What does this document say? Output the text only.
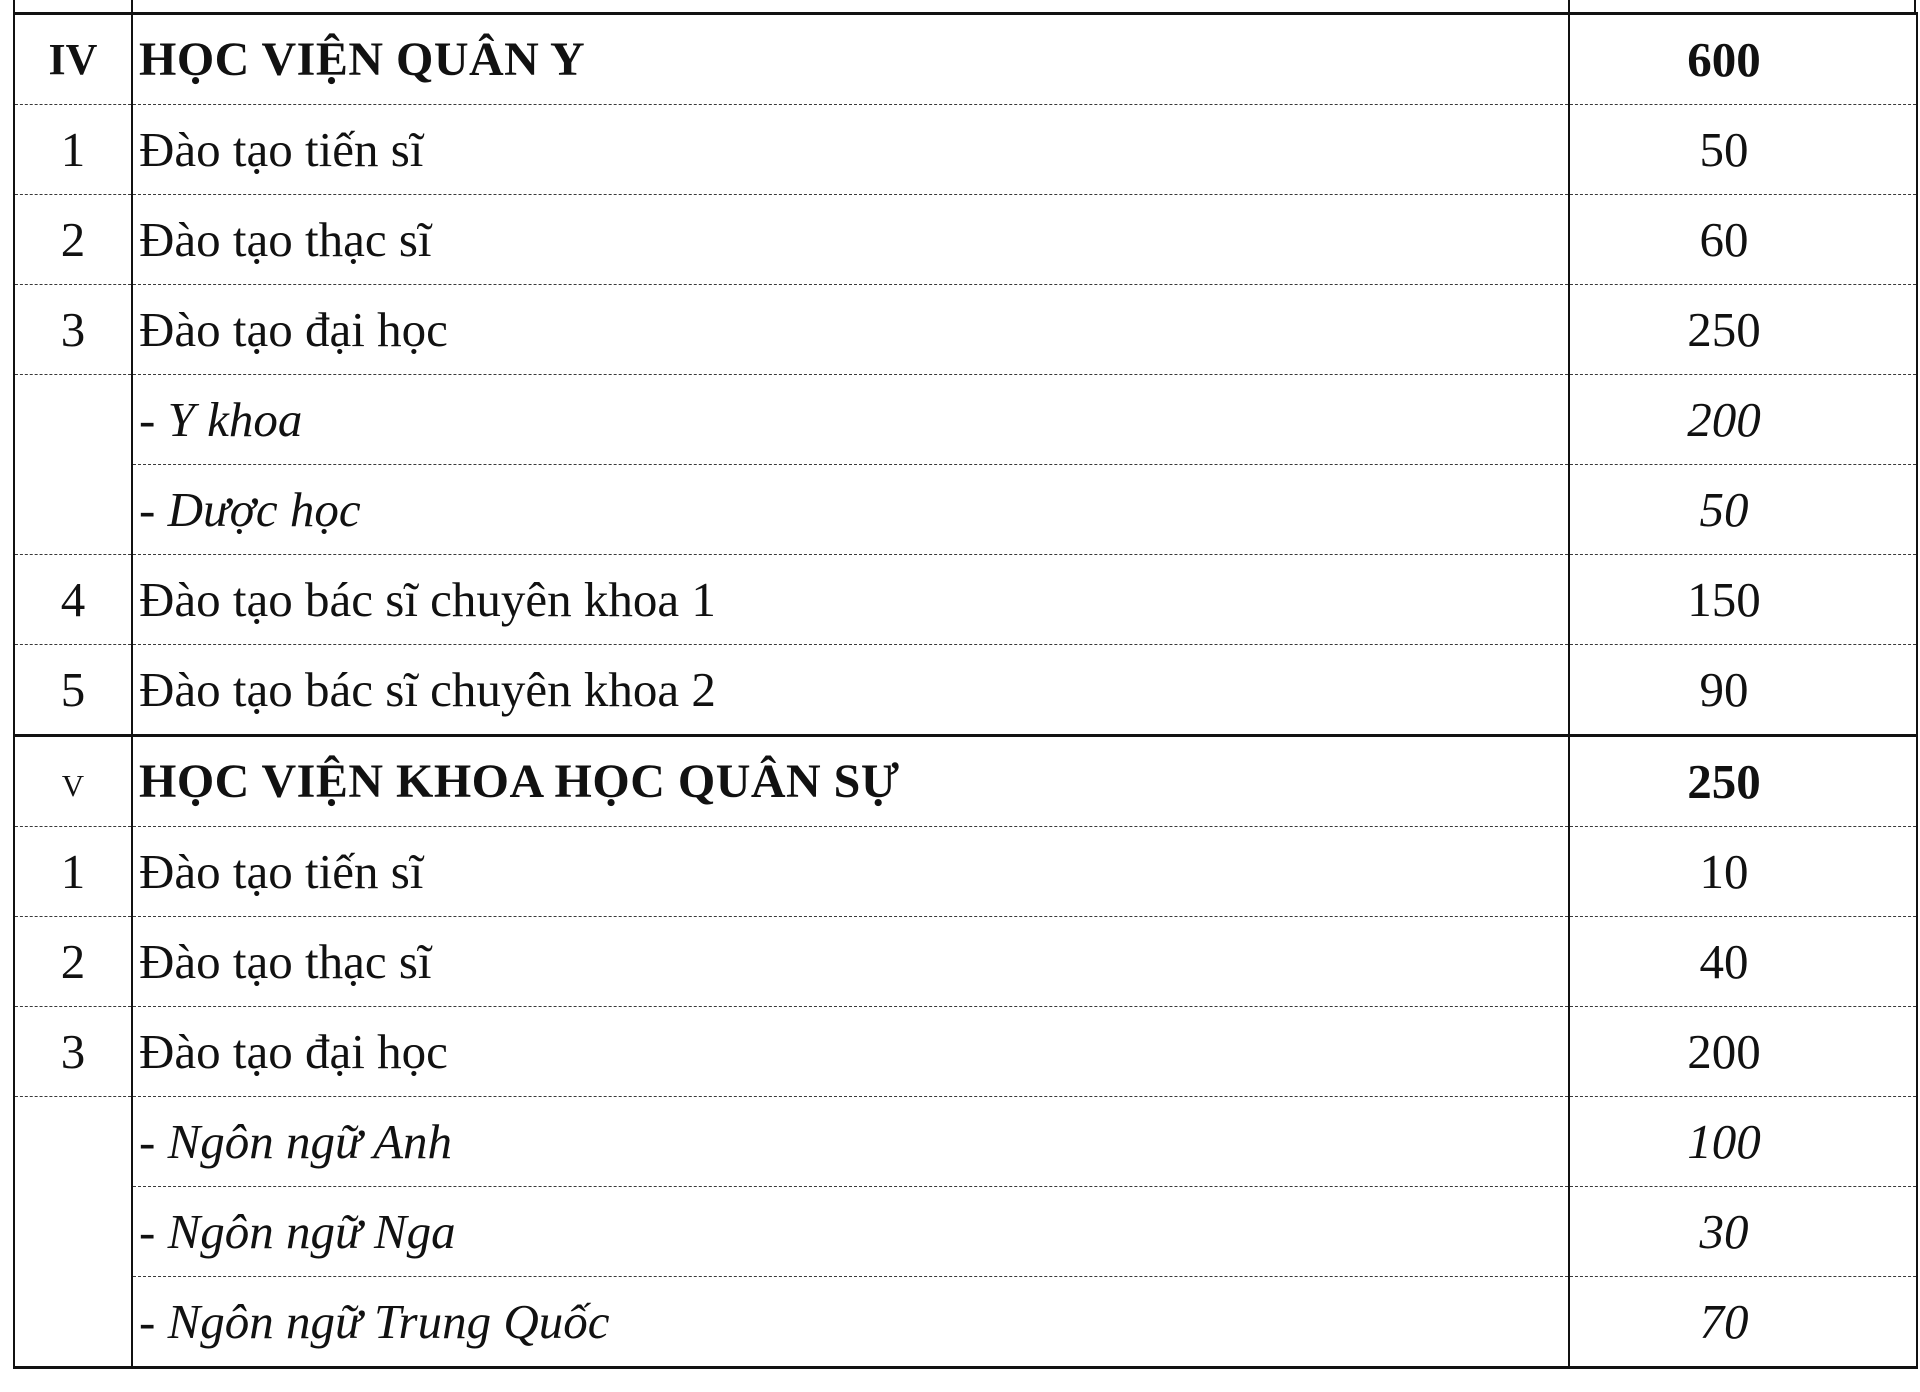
IV	HỌC VIỆN QUÂN Y	600
1	Đào tạo tiến sĩ	50
2	Đào tạo thạc sĩ	60
3	Đào tạo đại học	250
	- Y khoa	200
	- Dược học	50
4	Đào tạo bác sĩ chuyên khoa 1	150
5	Đào tạo bác sĩ chuyên khoa 2	90
v	HỌC VIỆN KHOA HỌC QUÂN SỰ	250
1	Đào tạo tiến sĩ	10
2	Đào tạo thạc sĩ	40
3	Đào tạo đại học	200
	- Ngôn ngữ Anh	100
	- Ngôn ngữ Nga	30
	- Ngôn ngữ Trung Quốc	70
